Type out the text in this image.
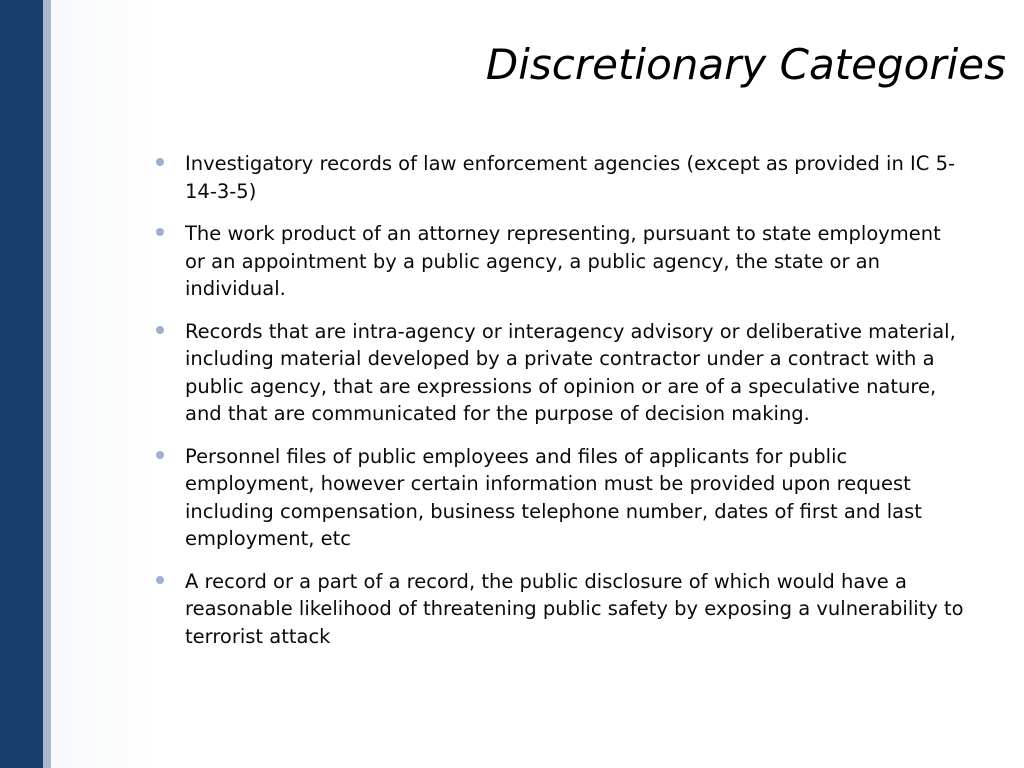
Discretionary Categories
Investigatory records of law enforcement agencies (except as provided in IC 5-14-3-5)
The work product of an attorney representing, pursuant to state employment or an appointment by a public agency, a public agency, the state or an individual.
Records that are intra-agency or interagency advisory or deliberative material, including material developed by a private contractor under a contract with a public agency, that are expressions of opinion or are of a speculative nature, and that are communicated for the purpose of decision making.
Personnel files of public employees and files of applicants for public employment, however certain information must be provided upon request including compensation, business telephone number, dates of first and last employment, etc
A record or a part of a record, the public disclosure of which would have a reasonable likelihood of threatening public safety by exposing a vulnerability to terrorist attack
